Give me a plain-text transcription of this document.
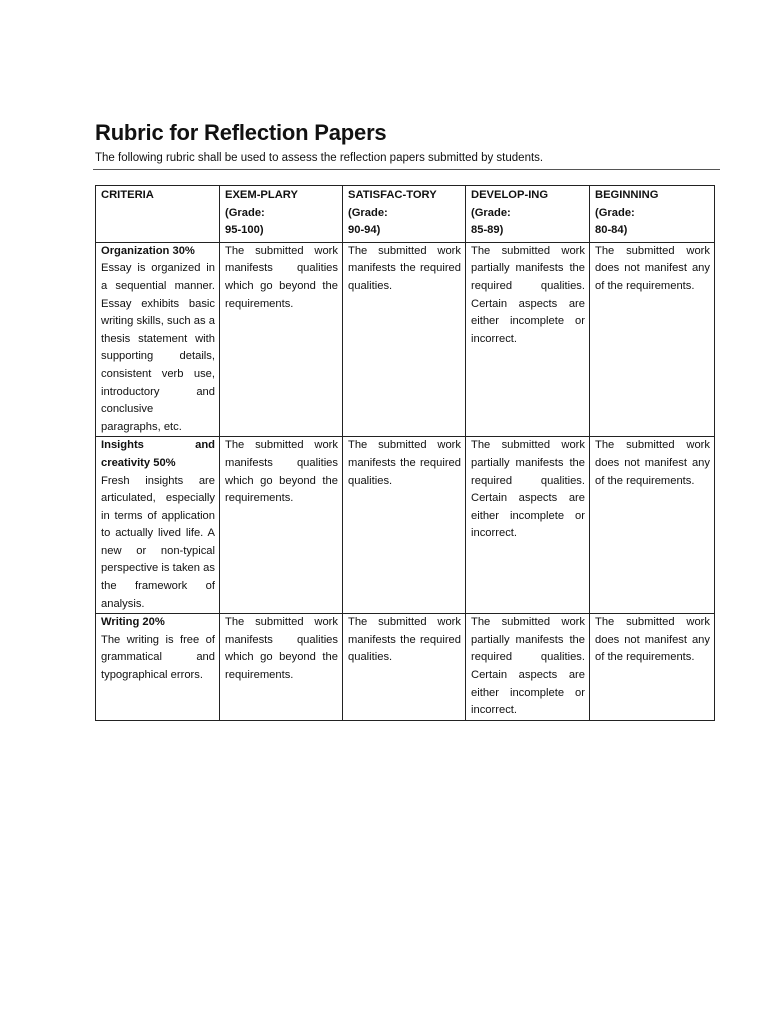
Rubric for Reflection Papers

The following rubric shall be used to assess the reflection papers submitted by students.

CRITERIA	EXEM-PLARY
(Grade:
95-100)	SATISFAC-TORY
(Grade:
90-94)	DEVELOP-ING
(Grade:
85-89)	BEGINNING
(Grade:
80-84)

Organization 30%
Essay is organized in a sequential manner. Essay exhibits basic writing skills, such as a thesis statement with supporting details, consistent verb use, introductory and conclusive paragraphs, etc.	The submitted work manifests qualities which go beyond the requirements.	The submitted work manifests the required qualities.	The submitted work partially manifests the required qualities. Certain aspects are either incomplete or incorrect.	The submitted work does not manifest any of the requirements.

Insights and creativity 50%
Fresh insights are articulated, especially in terms of application to actually lived life. A new or non-typical perspective is taken as the framework of analysis.	The submitted work manifests qualities which go beyond the requirements.	The submitted work manifests the required qualities.	The submitted work partially manifests the required qualities. Certain aspects are either incomplete or incorrect.	The submitted work does not manifest any of the requirements.

Writing 20%
The writing is free of grammatical and typographical errors.	The submitted work manifests qualities which go beyond the requirements.	The submitted work manifests the required qualities.	The submitted work partially manifests the required qualities. Certain aspects are either incomplete or incorrect.	The submitted work does not manifest any of the requirements.
